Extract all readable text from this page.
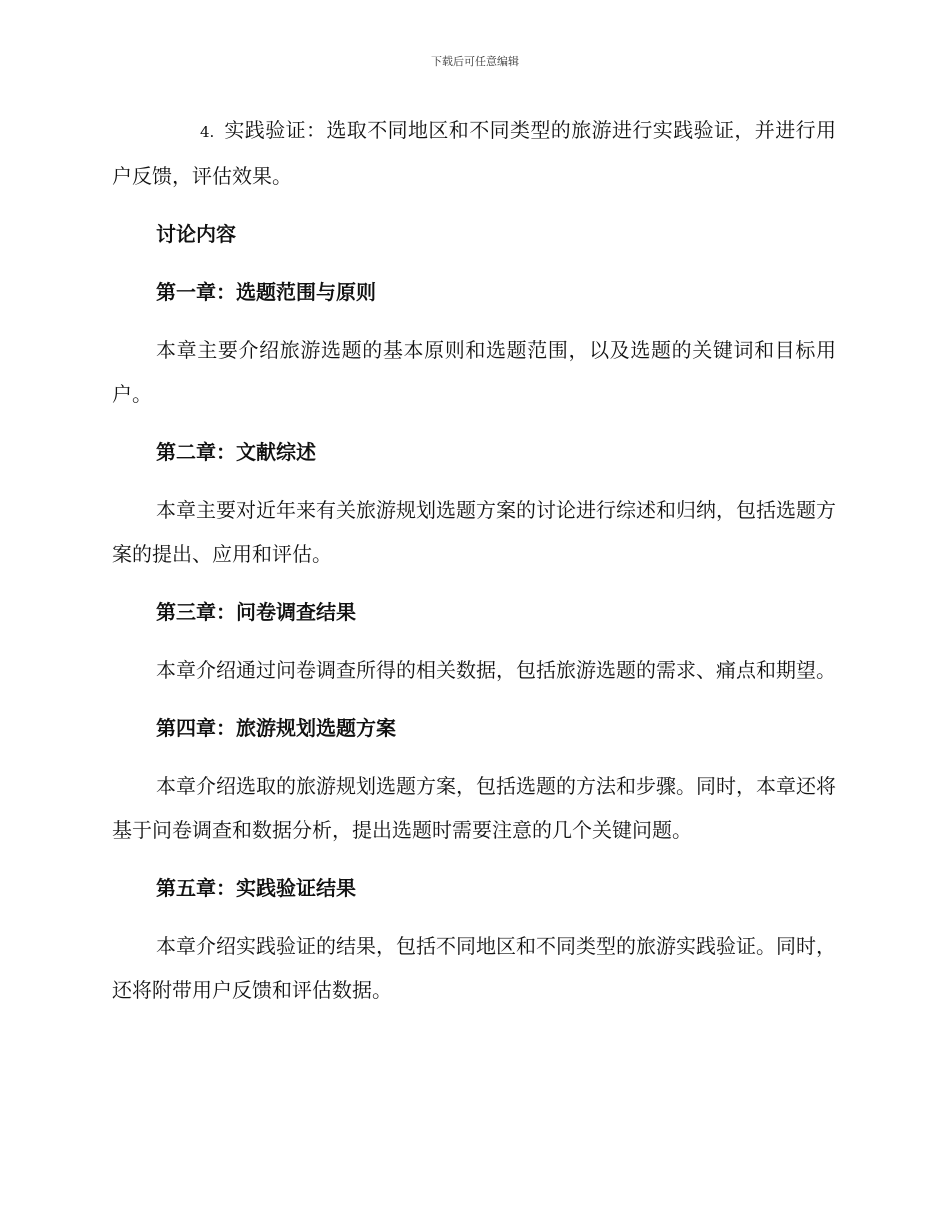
下载后可任意编辑

4. 实践验证：选取不同地区和不同类型的旅游进行实践验证，并进行用户反馈，评估效果。

讨论内容
第一章：选题范围与原则

本章主要介绍旅游选题的基本原则和选题范围，以及选题的关键词和目标用户。

第二章：文献综述

本章主要对近年来有关旅游规划选题方案的讨论进行综述和归纳，包括选题方案的提出、应用和评估。

第三章：问卷调查结果

本章介绍通过问卷调查所得的相关数据，包括旅游选题的需求、痛点和期望。

第四章：旅游规划选题方案

本章介绍选取的旅游规划选题方案，包括选题的方法和步骤。同时，本章还将基于问卷调查和数据分析，提出选题时需要注意的几个关键问题。

第五章：实践验证结果

本章介绍实践验证的结果，包括不同地区和不同类型的旅游实践验证。同时，还将附带用户反馈和评估数据。
